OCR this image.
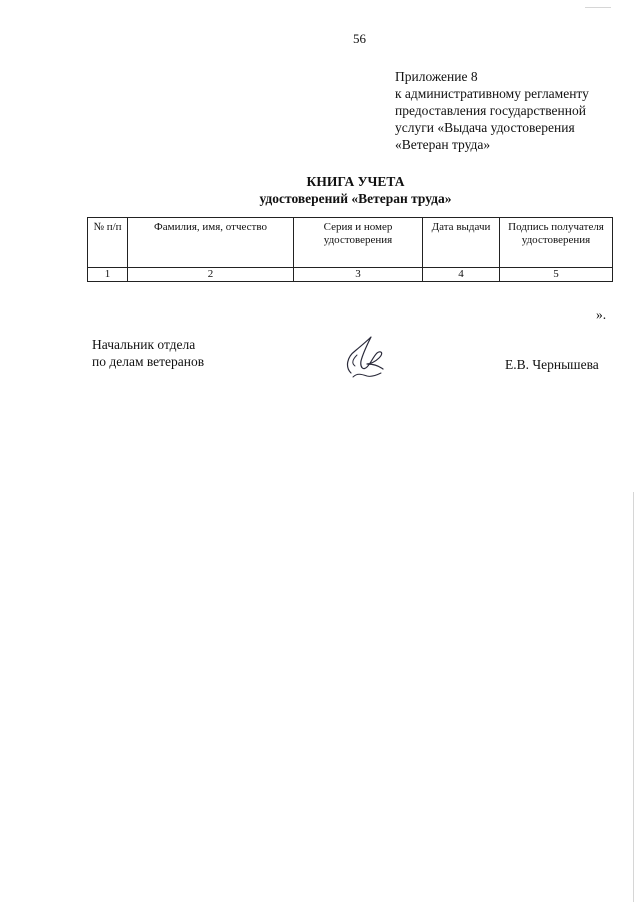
56
Приложение 8
к административному регламенту
предоставления государственной
услуги «Выдача удостоверения
«Ветеран труда»
КНИГА УЧЕТА
удостоверений «Ветеран труда»
№ п/п	Фамилия, имя, отчество	Серия и номер удостоверения	Дата выдачи	Подпись получателя удостоверения
1	2	3	4	5
».
Начальник отдела
по делам ветеранов	Е.В. Чернышева
